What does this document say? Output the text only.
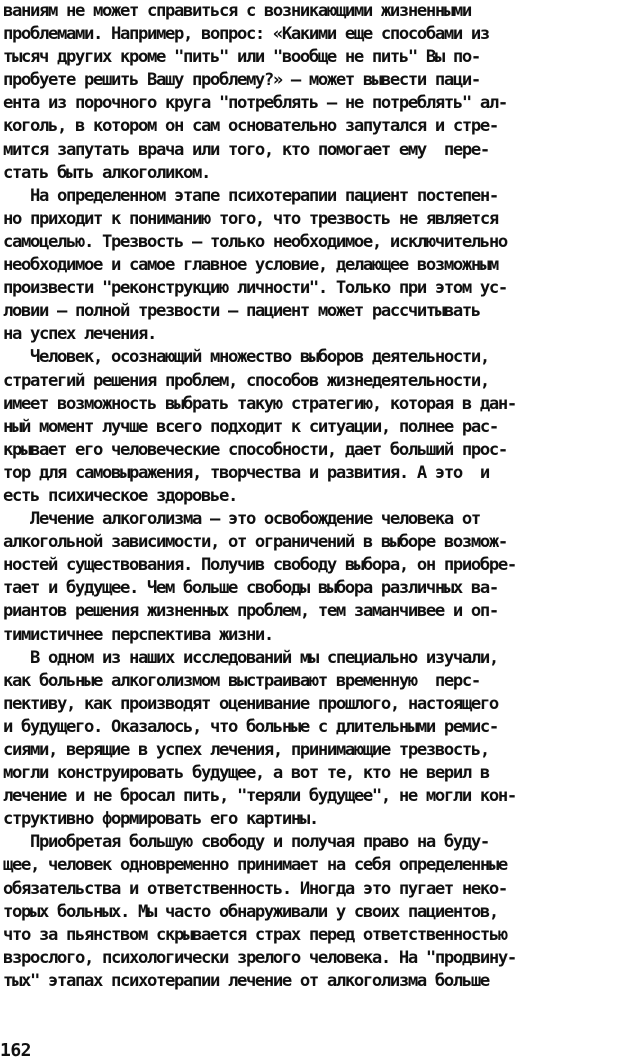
ваниям не может справиться с возникающими жизненными
проблемами. Например, вопрос: «Какими еще способами из
тысяч других кроме "пить" или "вообще не пить" Вы по-
пробуете решить Вашу проблему?» – может вывести паци-
ента из порочного круга "потреблять – не потреблять" ал-
коголь, в котором он сам основательно запутался и стре-
мится запутать врача или того, кто помогает ему  пере-
стать быть алкоголиком.
На определенном этапе психотерапии пациент постепен-
но приходит к пониманию того, что трезвость не является
самоцелью. Трезвость – только необходимое, исключительно
необходимое и самое главное условие, делающее возможным
произвести "реконструкцию личности". Только при этом ус-
ловии – полной трезвости – пациент может рассчитывать
на успех лечения.
Человек, осознающий множество выборов деятельности,
стратегий решения проблем, способов жизнедеятельности,
имеет возможность выбрать такую стратегию, которая в дан-
ный момент лучше всего подходит к ситуации, полнее рас-
крывает его человеческие способности, дает больший прос-
тор для самовыражения, творчества и развития. А это  и
есть психическое здоровье.
Лечение алкоголизма – это освобождение человека от
алкогольной зависимости, от ограничений в выборе возмож-
ностей существования. Получив свободу выбора, он приобре-
тает и будущее. Чем больше свободы выбора различных ва-
риантов решения жизненных проблем, тем заманчивее и оп-
тимистичнее перспектива жизни.
В одном из наших исследований мы специально изучали,
как больные алкоголизмом выстраивают временную  перс-
пективу, как производят оценивание прошлого, настоящего
и будущего. Оказалось, что больные с длительными ремис-
сиями, верящие в успех лечения, принимающие трезвость,
могли конструировать будущее, а вот те, кто не верил в
лечение и не бросал пить, "теряли будущее", не могли кон-
структивно формировать его картины.
Приобретая большую свободу и получая право на буду-
щее, человек одновременно принимает на себя определенные
обязательства и ответственность. Иногда это пугает неко-
торых больных. Мы часто обнаруживали у своих пациентов,
что за пьянством скрывается страх перед ответственностью
взрослого, психологически зрелого человека. На "продвину-
тых" этапах психотерапии лечение от алкоголизма больше
162
